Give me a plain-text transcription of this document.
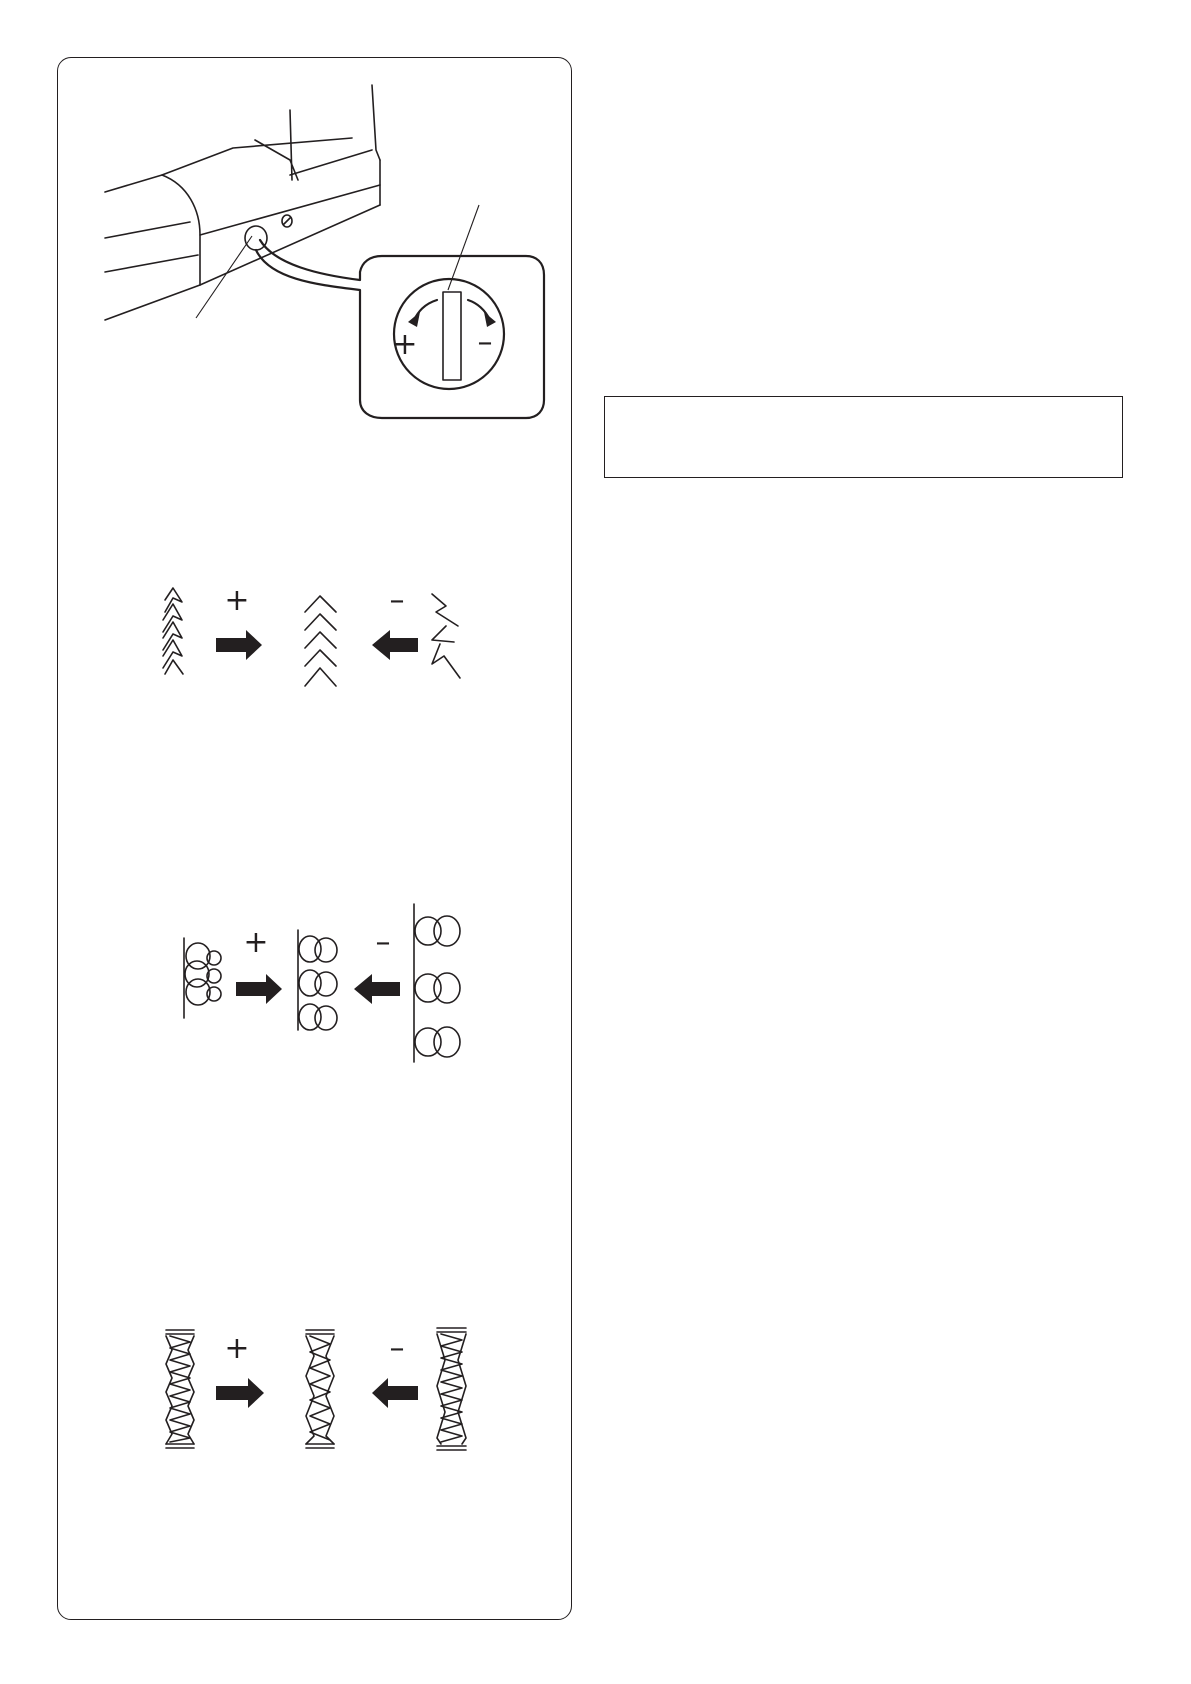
+ –
+	–
+	–
+	–
